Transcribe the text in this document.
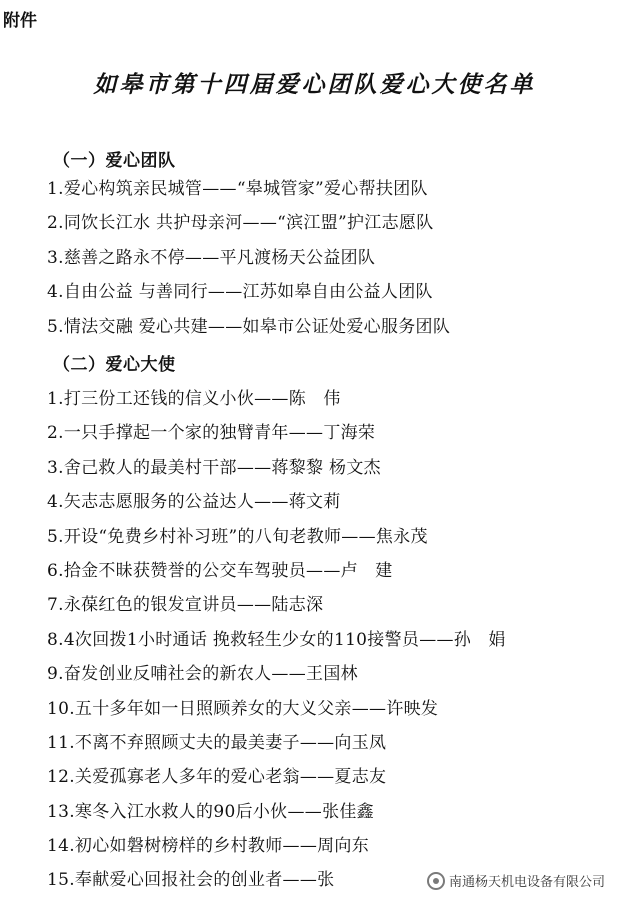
附件
如皋市第十四届爱心团队爱心大使名单
（一）爱心团队
1.爱心构筑亲民城管——“皋城管家”爱心帮扶团队
2.同饮长江水 共护母亲河——“滨江盟”护江志愿队
3.慈善之路永不停——平凡渡杨天公益团队
4.自由公益 与善同行——江苏如皋自由公益人团队
5.情法交融 爱心共建——如皋市公证处爱心服务团队
（二）爱心大使
1.打三份工还钱的信义小伙——陈　伟
2.一只手撑起一个家的独臂青年——丁海荣
3.舍己救人的最美村干部——蒋黎黎 杨文杰
4.矢志志愿服务的公益达人——蒋文莉
5.开设“免费乡村补习班”的八旬老教师——焦永茂
6.拾金不昧获赞誉的公交车驾驶员——卢　建
7.永葆红色的银发宣讲员——陆志深
8.4次回拨1小时通话 挽救轻生少女的110接警员——孙　娟
9.奋发创业反哺社会的新农人——王国林
10.五十多年如一日照顾养女的大义父亲——许映发
11.不离不弃照顾丈夫的最美妻子——向玉凤
12.关爱孤寡老人多年的爱心老翁——夏志友
13.寒冬入江水救人的90后小伙——张佳鑫
14.初心如磐树榜样的乡村教师——周向东
15.奉献爱心回报社会的创业者——张	南通杨天机电设备有限公司
